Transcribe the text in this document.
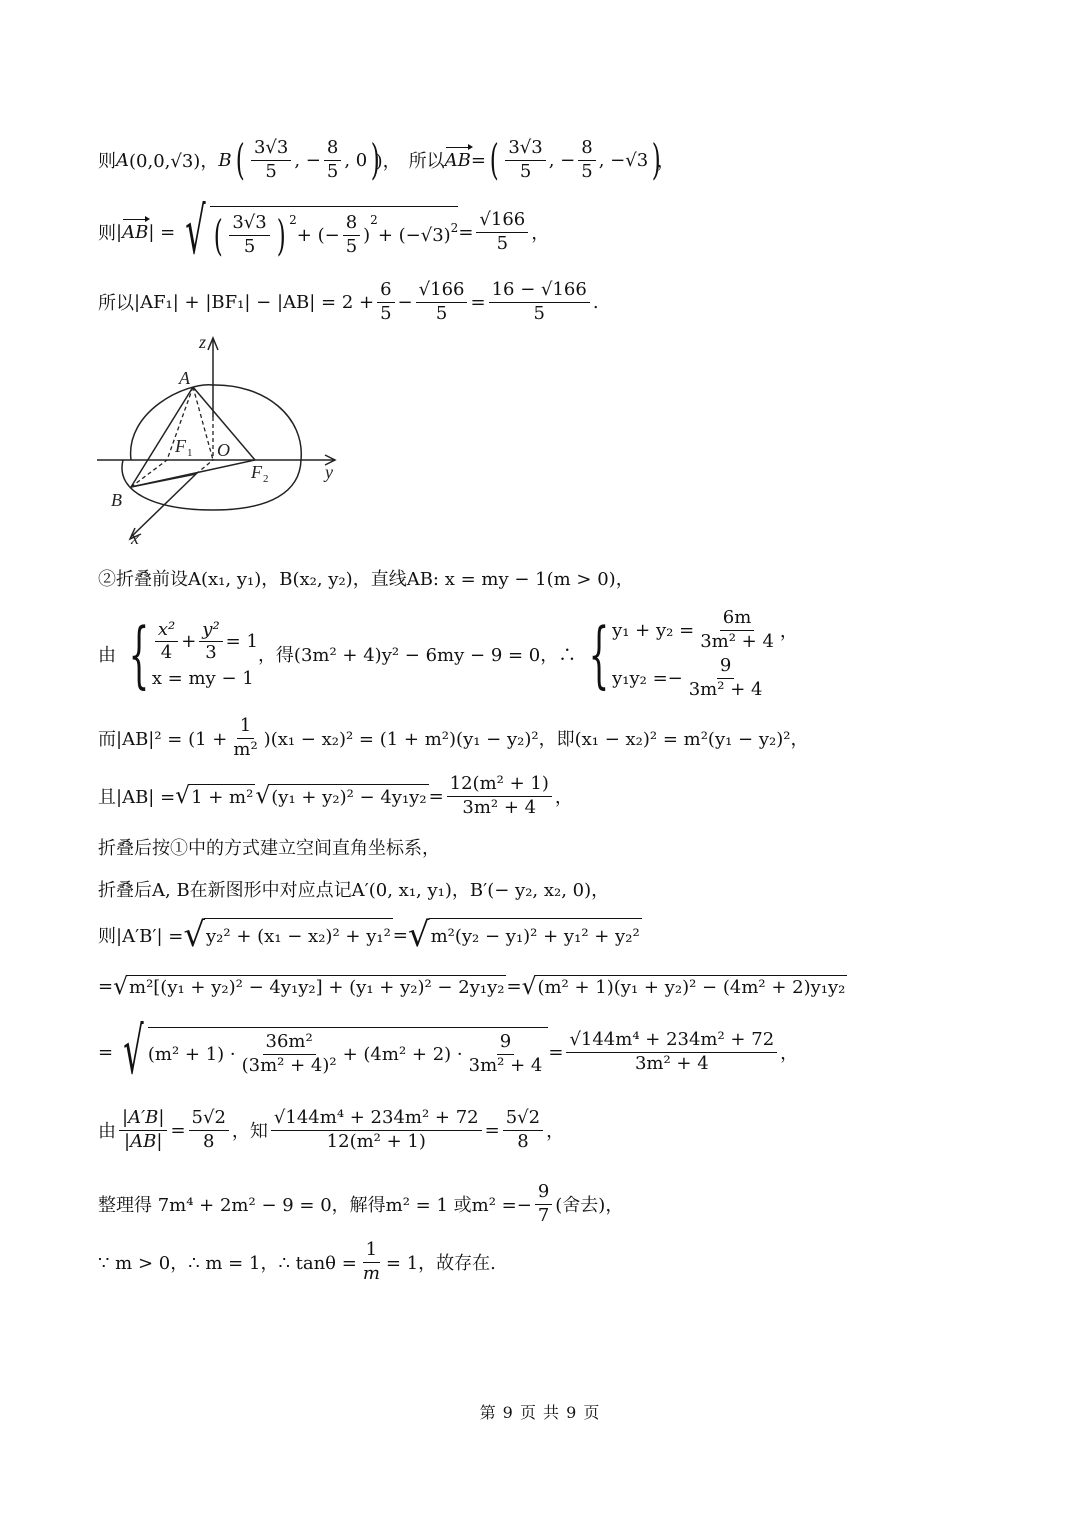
则 A (0,0,√3)， B ( $\frac{3√3}{5}$ , − $\frac{8}{5}$ , 0 )
)， 所以 AB = ( $\frac{3√3}{5}$ , − $\frac{8}{5}$ , −√3 )
，
则 | AB | = √ ( $\frac{3√3}{5}$ ) $^2$
+ (− $\frac{8}{5}$ )
$^2$
+ $(-√3)^2 = \frac{√166}{5}$ ，
所以 $|AF_1| + |BF_1| - |AB| = 2 + \frac{6}{5} - \frac{√166}{5} = \frac{16 - √166}{5}$ .
z
y
x
A
B
O
F 1
F 2
②折叠前设A(x₁, y₁)，B(x₂, y₂)，直线AB: x = my − 1(m > 0)，
由 { $\frac{\text{x²}}{4} + \frac{\text{y²}}{3} = 1$
x = my − 1
，得(3m² + 4)y² − 6my − 9 = 0，∴ { $y_1 + y_2 = \frac{6m}{\text{3m² + 4}}$ ，
$y_1y_2 =- \frac{9}{\text{3m² + 4}}$
而$|AB|^2 = (1 + \frac{1}{\text{m²}} )(x_1 - x_2)^2 = (1 + m^2)(y_1 - y_2)^2$，即(x₁ − x₂)² = m²(y₁ − y₂)²，
且|AB| = √ 1 + m² √ $(y_1 + y_2)^2 - 4y_1y_2 = \frac{\text{12(m² + 1)}}{\text{3m² + 4}}$ ，
折叠后按①中的方式建立空间直角坐标系，
折叠后A, B在新图形中对应点记A′(0, x₁, y₁)，B′(− y₂, x₂, 0)，
则|A′B′| = √ y₂² + (x₁ − x₂)² + y₁² = √ m²(y₂ − y₁)² + y₁² + y₂²
= √ m²[(y₁ + y₂)² − 4y₁y₂] + (y₁ + y₂)² − 2y₁y₂ = √ (m² + 1)(y₁ + y₂)² − (4m² + 2)y₁y₂
= √ $(m^2 + 1) \cdot \frac{\text{36m²}}{\text{(3m² + 4)²}} + (4m^2 + 2) \cdot \frac{9}{\text{3m² + 4}} = \frac{\text{√144m⁴ + 234m² + 72}}{\text{3m² + 4}}$ ，
由 $\frac{|A'B|}{|AB|} = \frac{5√2}{8}$ ，知 $\frac{\text{√144m⁴ + 234m² + 72}}{\text{12(m² + 1)}} = \frac{5√2}{8}$ ，
整理得 7m⁴ + 2m² − 9 = 0，解得m² = 1 或$m^2 =- \frac{9}{7}$ (舍去)，
∵ m > 0，∴ m = 1，∴ $\tan\theta = \frac{1}{m} = 1$，故存在.
第 9 页 共 9 页
